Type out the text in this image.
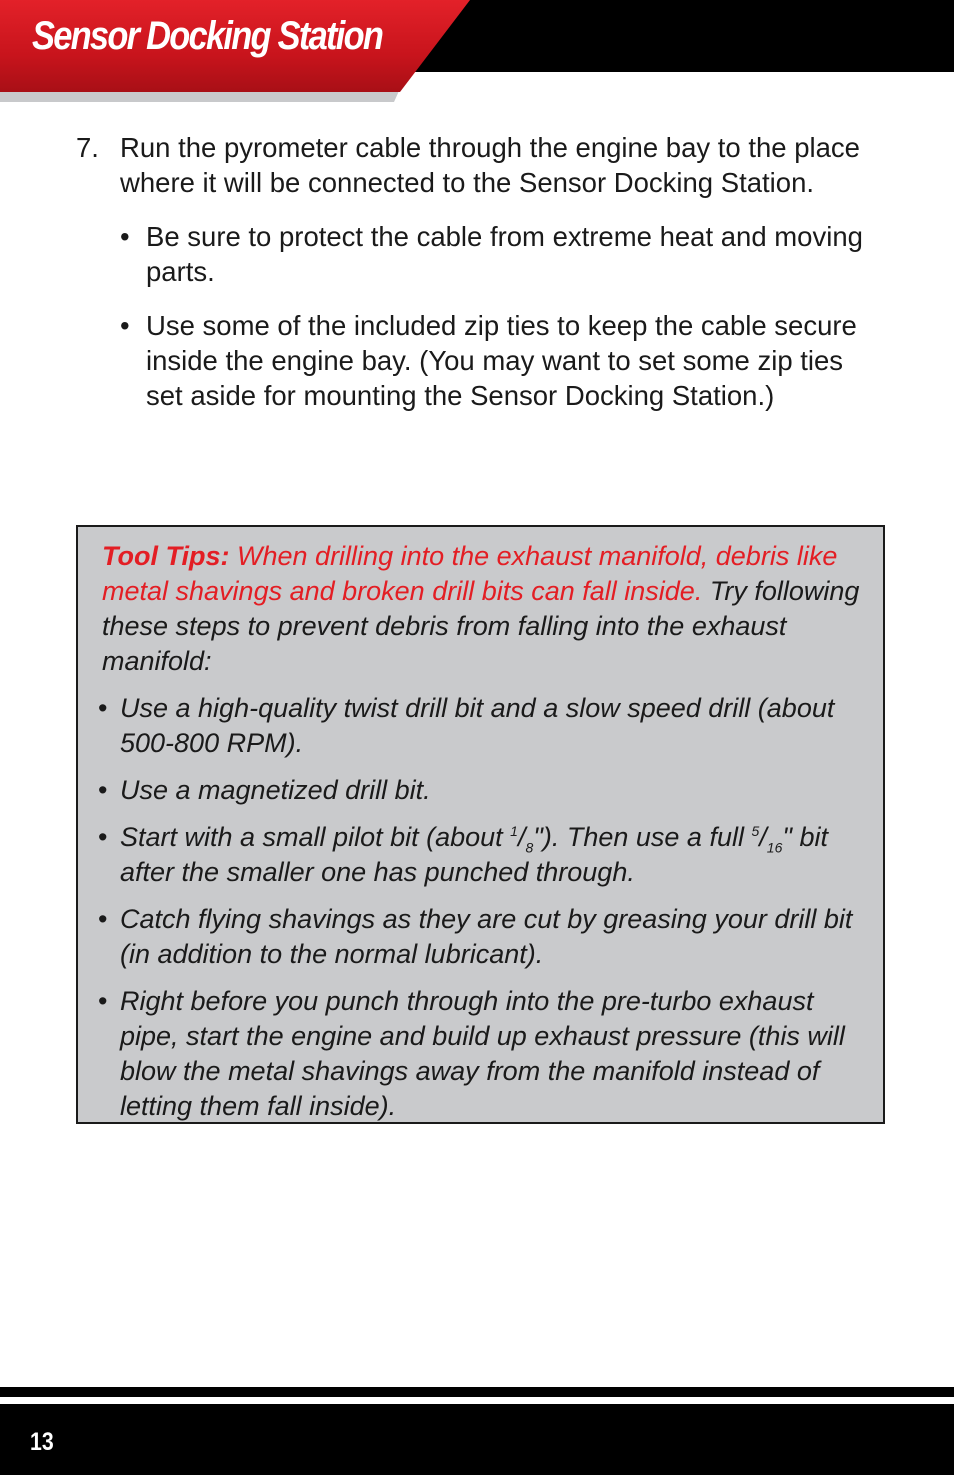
Sensor Docking Station
7. Run the pyrometer cable through the engine bay to the place where it will be connected to the Sensor Docking Station.
• Be sure to protect the cable from extreme heat and moving parts.
• Use some of the included zip ties to keep the cable secure inside the engine bay. (You may want to set some zip ties set aside for mounting the Sensor Docking Station.)
Tool Tips: When drilling into the exhaust manifold, debris like metal shavings and broken drill bits can fall inside. Try following these steps to prevent debris from falling into the exhaust manifold:
• Use a high-quality twist drill bit and a slow speed drill (about 500-800 RPM).
• Use a magnetized drill bit.
• Start with a small pilot bit (about $^1/_8$"). Then use a full $^5/_{16}$" bit after the smaller one has punched through.
• Catch flying shavings as they are cut by greasing your drill bit (in addition to the normal lubricant).
• Right before you punch through into the pre-turbo exhaust pipe, start the engine and build up exhaust pressure (this will blow the metal shavings away from the manifold instead of letting them fall inside).
13
